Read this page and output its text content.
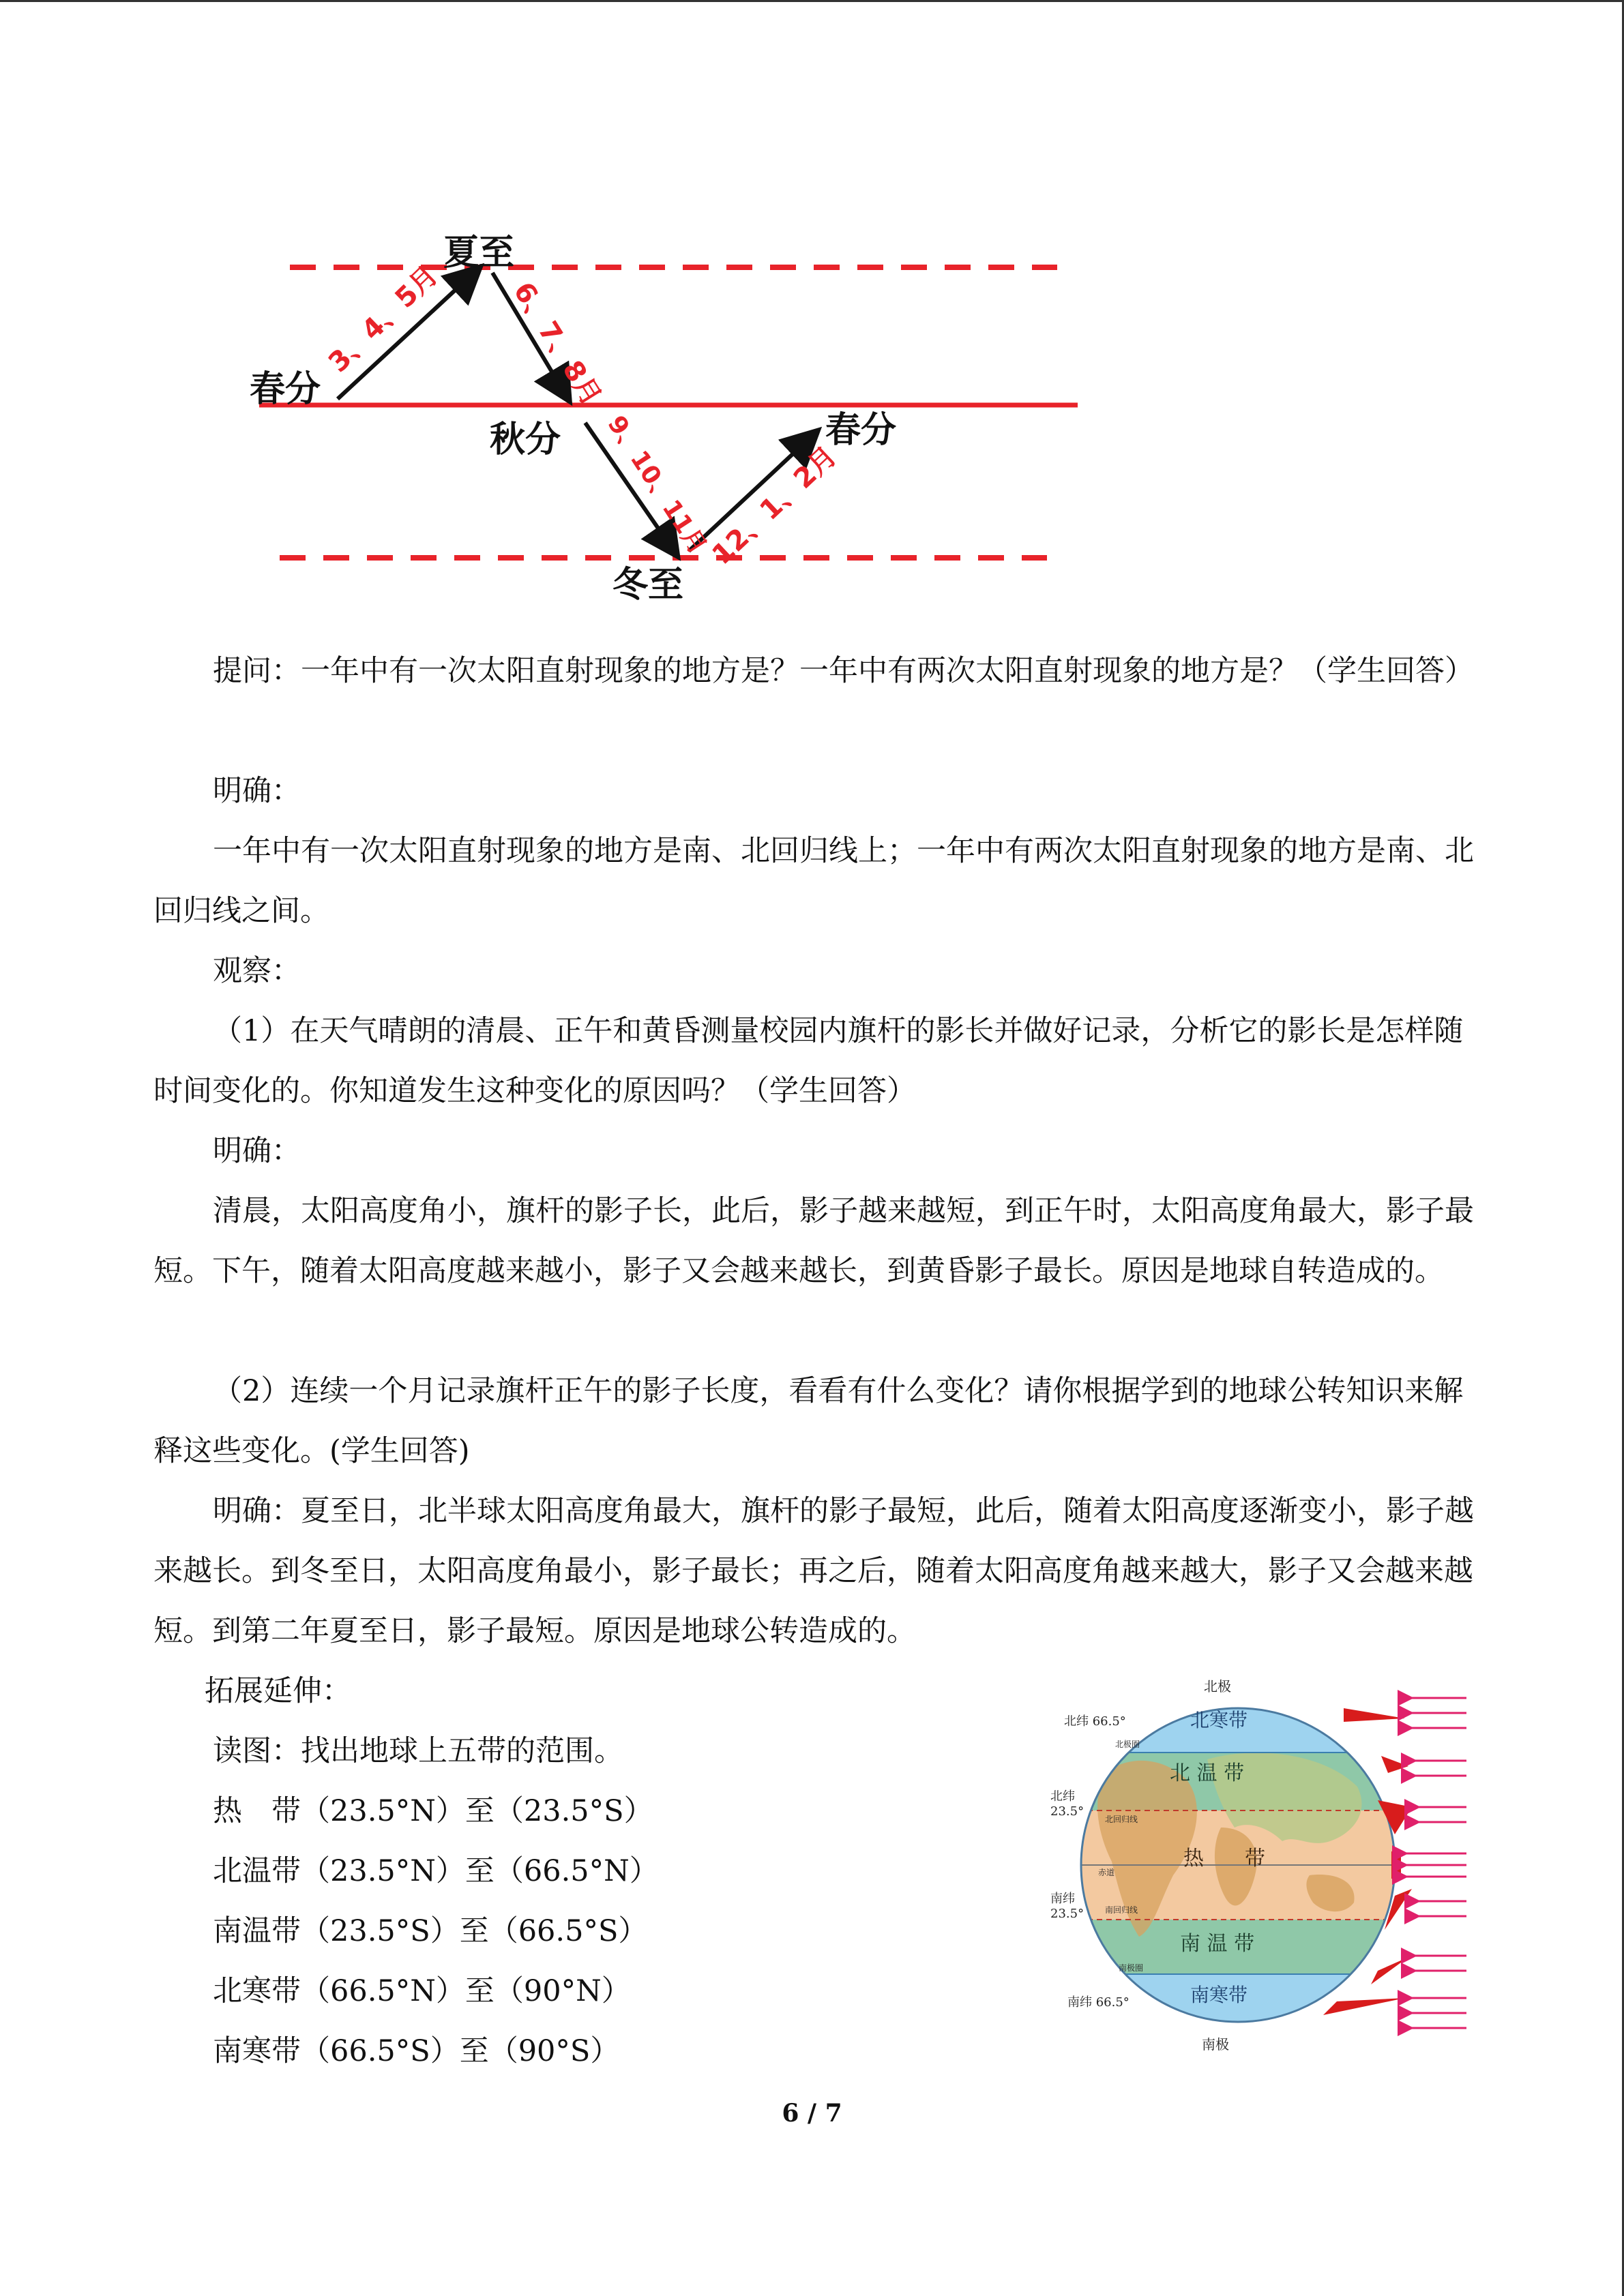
夏至
春分
秋分
冬至
春分
3、4、5月 6、7、8月
9、10、11月
12、1、2月

提问：一年中有一次太阳直射现象的地方是？一年中有两次太阳直射现象的地方是？（学生回答）

明确：

一年中有一次太阳直射现象的地方是南、北回归线上；一年中有两次太阳直射现象的地方是南、北回归线之间。

观察：

（1）在天气晴朗的清晨、正午和黄昏测量校园内旗杆的影长并做好记录，分析它的影长是怎样随时间变化的。你知道发生这种变化的原因吗？（学生回答）

明确：

清晨，太阳高度角小，旗杆的影子长，此后，影子越来越短，到正午时，太阳高度角最大，影子最短。下午，随着太阳高度越来越小，影子又会越来越长，到黄昏影子最长。原因是地球自转造成的。

（2）连续一个月记录旗杆正午的影子长度，看看有什么变化？请你根据学到的地球公转知识来解释这些变化。(学生回答)

明确：夏至日，北半球太阳高度角最大，旗杆的影子最短，此后，随着太阳高度逐渐变小，影子越来越长。到冬至日，太阳高度角最小，影子最长；再之后，随着太阳高度角越来越大，影子又会越来越短。到第二年夏至日，影子最短。原因是地球公转造成的。

拓展延伸：

读图：找出地球上五带的范围。

热　带（23.5°N）至（23.5°S）

北温带（23.5°N）至（66.5°N）

南温带（23.5°S）至（66.5°S）

北寒带（66.5°N）至（90°N）

南寒带（66.5°S）至（90°S）

北极
南极
北纬 66.5°
北纬
23.5°
南纬
23.5°
南纬 66.5°
北寒带
北 温 带
热　　带
南 温 带
南寒带
北极圈
北回归线
赤道
南回归线
南极圈
6 / 7
